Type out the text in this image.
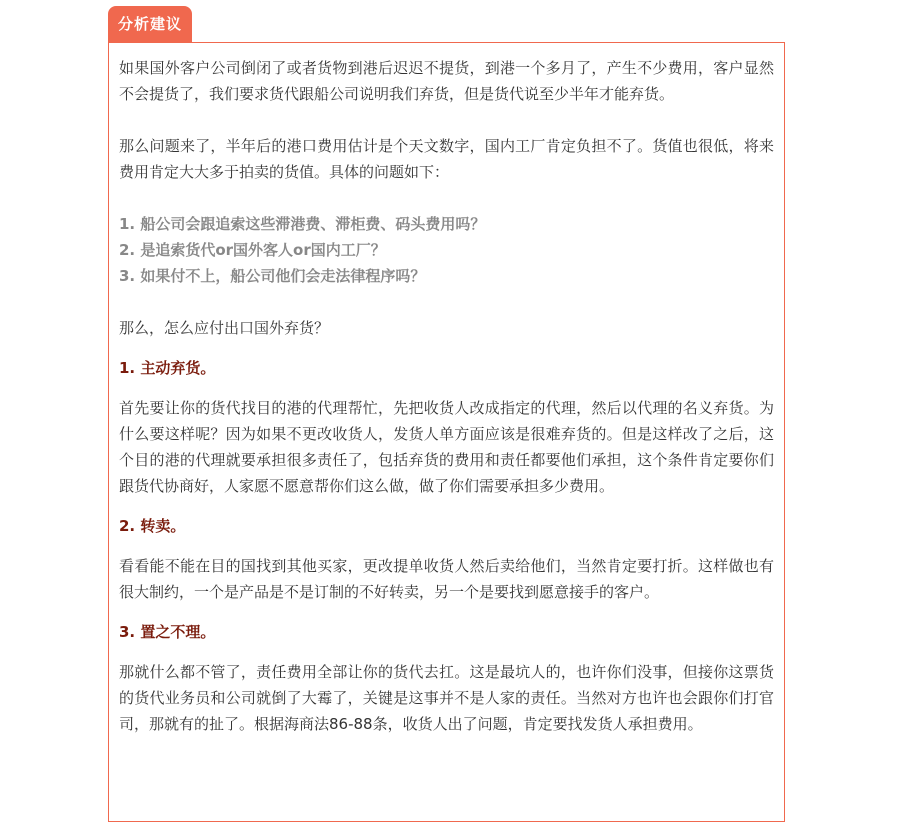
分析建议

如果国外客户公司倒闭了或者货物到港后迟迟不提货，到港一个多月了，产生不少费用，客户显然不会提货了，我们要求货代跟船公司说明我们弃货，但是货代说至少半年才能弃货。

那么问题来了，半年后的港口费用估计是个天文数字，国内工厂肯定负担不了。货值也很低，将来费用肯定大大多于拍卖的货值。具体的问题如下：

1. 船公司会跟追索这些滞港费、滞柜费、码头费用吗？

2. 是追索货代or国外客人or国内工厂？

3. 如果付不上，船公司他们会走法律程序吗？

那么，怎么应付出口国外弃货？

1. 主动弃货。

首先要让你的货代找目的港的代理帮忙，先把收货人改成指定的代理，然后以代理的名义弃货。为什么要这样呢？因为如果不更改收货人，发货人单方面应该是很难弃货的。但是这样改了之后，这个目的港的代理就要承担很多责任了，包括弃货的费用和责任都要他们承担，这个条件肯定要你们跟货代协商好，人家愿不愿意帮你们这么做，做了你们需要承担多少费用。

2. 转卖。

看看能不能在目的国找到其他买家，更改提单收货人然后卖给他们，当然肯定要打折。这样做也有很大制约，一个是产品是不是订制的不好转卖，另一个是要找到愿意接手的客户。

3. 置之不理。

那就什么都不管了，责任费用全部让你的货代去扛。这是最坑人的，也许你们没事，但接你这票货的货代业务员和公司就倒了大霉了，关键是这事并不是人家的责任。当然对方也许也会跟你们打官司，那就有的扯了。根据海商法86-88条，收货人出了问题，肯定要找发货人承担费用。
